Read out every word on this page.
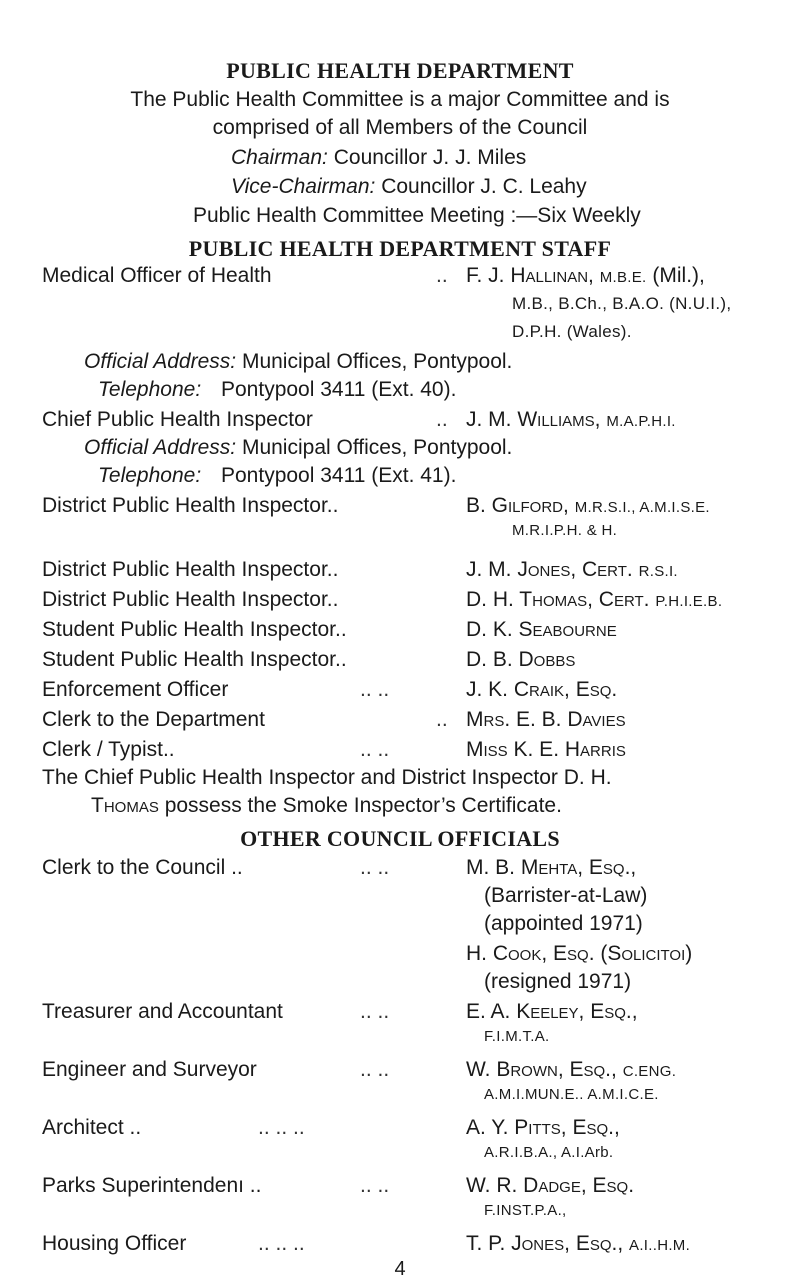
PUBLIC HEALTH DEPARTMENT
The Public Health Committee is a major Committee and is
comprised of all Members of the Council
Chairman: Councillor J. J. Miles
Vice-Chairman: Councillor J. C. Leahy
Public Health Committee Meeting :—Six Weekly
PUBLIC HEALTH DEPARTMENT STAFF
Medical Officer of Health	.. F. J. Hallinan, M.B.E. (Mil.),
M.B., B.Ch., B.A.O. (N.U.I.),
D.P.H. (Wales).
Official Address: Municipal Offices, Pontypool.
Telephone: Pontypool 3411 (Ext. 40).
Chief Public Health Inspector	.. J. M. Williams, M.A.P.H.I.
Official Address: Municipal Offices, Pontypool.
Telephone: Pontypool 3411 (Ext. 41).
District Public Health Inspector..	B. Gilford, M.R.S.I., A.M.I.S.E.
M.R.I.P.H. & H.
District Public Health Inspector..	J. M. Jones, Cert. R.S.I.
District Public Health Inspector..	D. H. Thomas, Cert. P.H.I.E.B.
Student Public Health Inspector..	D. K. Seabourne
Student Public Health Inspector..	D. B. Dobbs
Enforcement Officer	.. ..	J. K. Craik, Esq.
Clerk to the Department	.. Mrs. E. B. Davies
Clerk / Typist..	.. ..	Miss K. E. Harris
The Chief Public Health Inspector and District Inspector D. H.
Thomas possess the Smoke Inspector’s Certificate.
OTHER COUNCIL OFFICIALS
Clerk to the Council ..	.. ..	M. B. Mehta, Esq.,
(Barrister-at-Law)
(appointed 1971)
H. Cook, Esq. (Solicitoı)
(resigned 1971)
Treasurer and Accountant	.. ..	E. A. Keeley, Esq.,
F.I.M.T.A.
Engineer and Surveyor	.. ..	W. Brown, Esq., C.ENG.
A.M.I.MUN.E.. A.M.I.C.E.
Architect ..	.. .. ..	A. Y. Pitts, Esq.,
A.R.I.B.A., A.I.Arb.
Parks Superintendenı ..	.. ..	W. R. Dadge, Esq.
F.INST.P.A.,
Housing Officer	.. .. ..	T. P. Jones, Esq., A.I..H.M.
4
